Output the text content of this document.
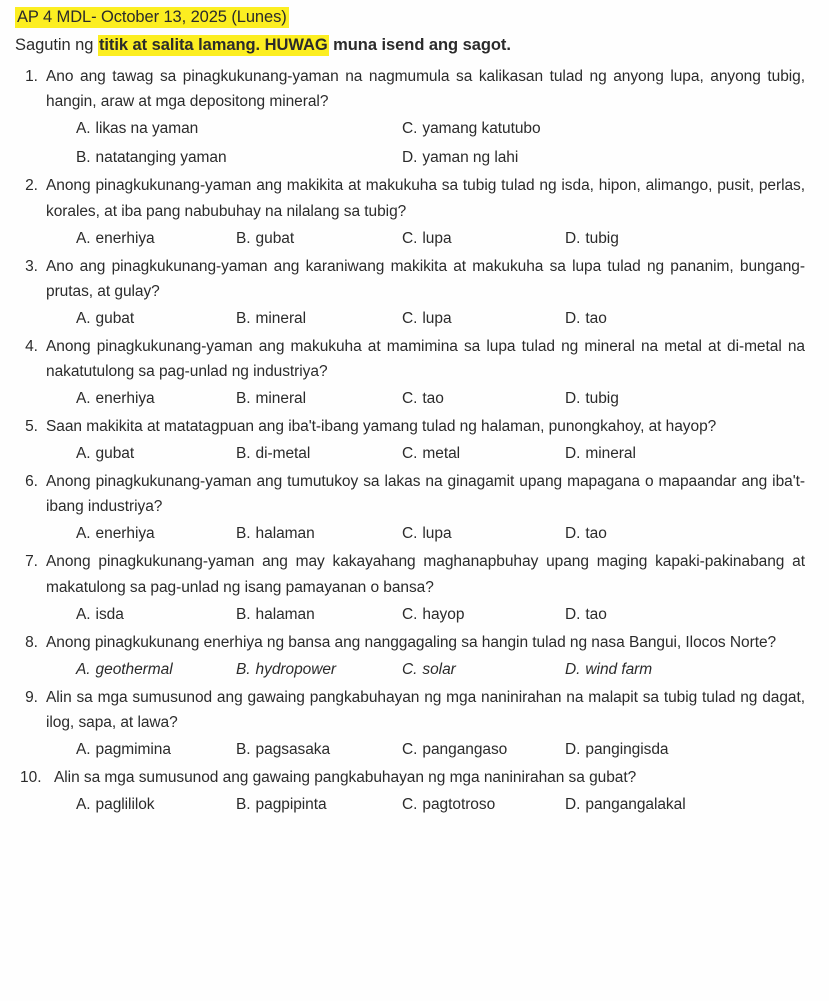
AP 4 MDL- October 13, 2025 (Lunes)
Sagutin ng titik at salita lamang. HUWAG muna isend ang sagot.
1. Ano ang tawag sa pinagkukunang-yaman na nagmumula sa kalikasan tulad ng anyong lupa, anyong tubig, hangin, araw at mga depositong mineral?
A. likas na yaman
B. natatanging yaman
C. yamang katutubo
D. yaman ng lahi
2. Anong pinagkukunang-yaman ang makikita at makukuha sa tubig tulad ng isda, hipon, alimango, pusit, perlas, korales, at iba pang nabubuhay na nilalang sa tubig?
A. enerhiya	B. gubat	C. lupa	D. tubig
3. Ano ang pinagkukunang-yaman ang karaniwang makikita at makukuha sa lupa tulad ng pananim, bungang-prutas, at gulay?
A. gubat	B. mineral	C. lupa	D. tao
4. Anong pinagkukunang-yaman ang makukuha at mamimina sa lupa tulad ng mineral na metal at di-metal na nakatutulong sa pag-unlad ng industriya?
A. enerhiya	B. mineral	C. tao	D. tubig
5. Saan makikita at matatagpuan ang iba't-ibang yamang tulad ng halaman, punongkahoy, at hayop?
A. gubat	B. di-metal	C. metal	D. mineral
6. Anong pinagkukunang-yaman ang tumutukoy sa lakas na ginagamit upang mapagana o mapaandar ang iba't-ibang industriya?
A. enerhiya	B. halaman	C. lupa	D. tao
7. Anong pinagkukunang-yaman ang may kakayahang maghanapbuhay upang maging kapaki-pakinabang at makatulong sa pag-unlad ng isang pamayanan o bansa?
A. isda	B. halaman	C. hayop	D. tao
8. Anong pinagkukunang enerhiya ng bansa ang nanggagaling sa hangin tulad ng nasa Bangui, Ilocos Norte?
A. geothermal	B. hydropower	C. solar	D. wind farm
9. Alin sa mga sumusunod ang gawaing pangkabuhayan ng mga naninirahan na malapit sa tubig tulad ng dagat, ilog, sapa, at lawa?
A. pagmimina	B. pagsasaka	C. pangangaso	D. pangingisda
10. Alin sa mga sumusunod ang gawaing pangkabuhayan ng mga naninirahan sa gubat?
A. paglililok	B. pagpipinta	C. pagtotroso	D. pangangalakal
